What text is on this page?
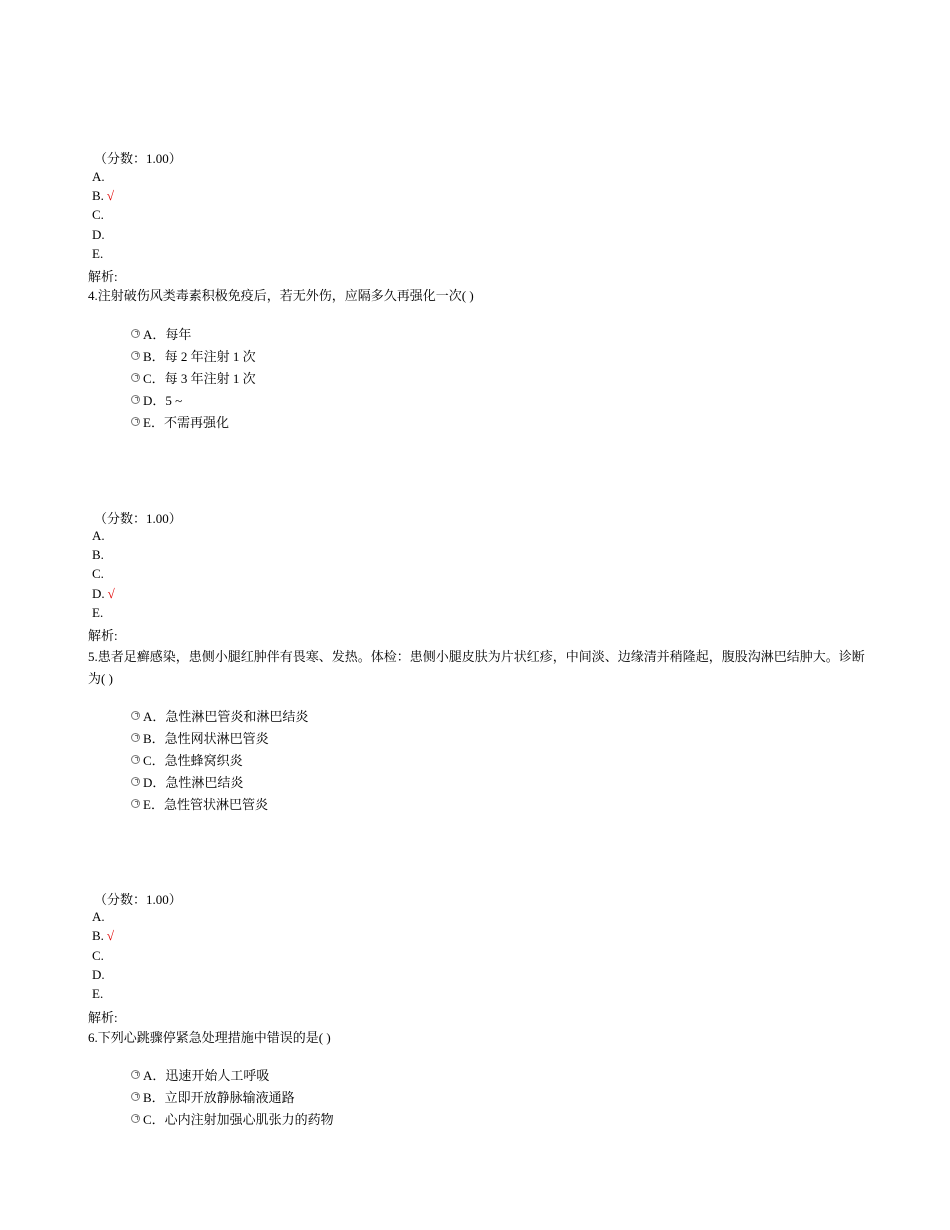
（分数：1.00）
A.
B. √
C.
D.
E.
解析:
4.注射破伤风类毒素积极免疫后，若无外伤，应隔多久再强化一次( )
A．每年
B．每 2 年注射 1 次
C．每 3 年注射 1 次
D．5 ~
E．不需再强化
（分数：1.00）
A.
B.
C.
D. √
E.
解析:
5.患者足癣感染，患侧小腿红肿伴有畏寒、发热。体检：患侧小腿皮肤为片状红疹，中间淡、边缘清并稍隆起，腹股沟淋巴结肿大。诊断为( )
A．急性淋巴管炎和淋巴结炎
B．急性网状淋巴管炎
C．急性蜂窝织炎
D．急性淋巴结炎
E．急性管状淋巴管炎
（分数：1.00）
A.
B. √
C.
D.
E.
解析:
6.下列心跳骤停紧急处理措施中错误的是( )
A．迅速开始人工呼吸
B．立即开放静脉输液通路
C．心内注射加强心肌张力的药物
